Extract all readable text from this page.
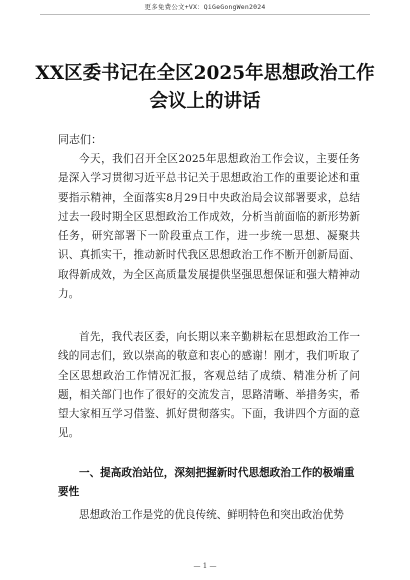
更多免费公文+VX：QiGeGongWen2024
XX区委书记在全区2025年思想政治工作会议上的讲话
同志们：
今天，我们召开全区2025年思想政治工作会议，主要任务是深入学习贯彻习近平总书记关于思想政治工作的重要论述和重要指示精神，全面落实8月29日中央政治局会议部署要求，总结过去一段时期全区思想政治工作成效，分析当前面临的新形势新任务，研究部署下一阶段重点工作，进一步统一思想、凝聚共识、真抓实干，推动新时代我区思想政治工作不断开创新局面、取得新成效，为全区高质量发展提供坚强思想保证和强大精神动力。
首先，我代表区委，向长期以来辛勤耕耘在思想政治工作一线的同志们，致以崇高的敬意和衷心的感谢！刚才，我们听取了全区思想政治工作情况汇报，客观总结了成绩、精准分析了问题，相关部门也作了很好的交流发言，思路清晰、举措务实，希望大家相互学习借鉴、抓好贯彻落实。下面，我讲四个方面的意见。
一、提高政治站位，深刻把握新时代思想政治工作的极端重要性
思想政治工作是党的优良传统、鲜明特色和突出政治优势
— 1 —
